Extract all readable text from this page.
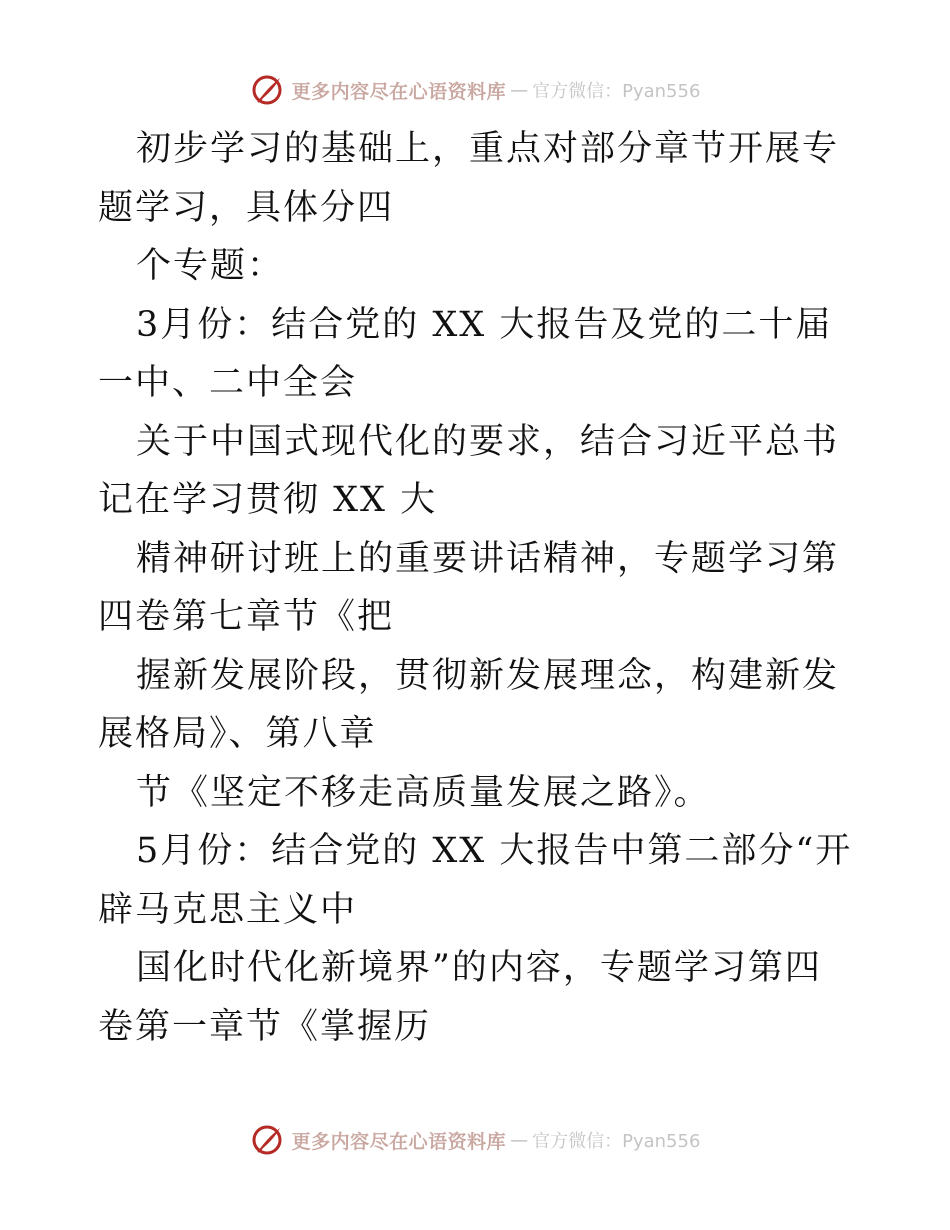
更多内容尽在心语资料库 — 官方微信：Pyan556

初步学习的基础上，重点对部分章节开展专题学习，具体分四

个专题：

3月份：结合党的 XX 大报告及党的二十届一中、二中全会

关于中国式现代化的要求，结合习近平总书记在学习贯彻 XX 大

精神研讨班上的重要讲话精神，专题学习第四卷第七章节《把

握新发展阶段，贯彻新发展理念，构建新发展格局》、第八章

节《坚定不移走高质量发展之路》。

5月份：结合党的 XX 大报告中第二部分“开辟马克思主义中

国化时代化新境界”的内容，专题学习第四卷第一章节《掌握历

更多内容尽在心语资料库 — 官方微信：Pyan556
